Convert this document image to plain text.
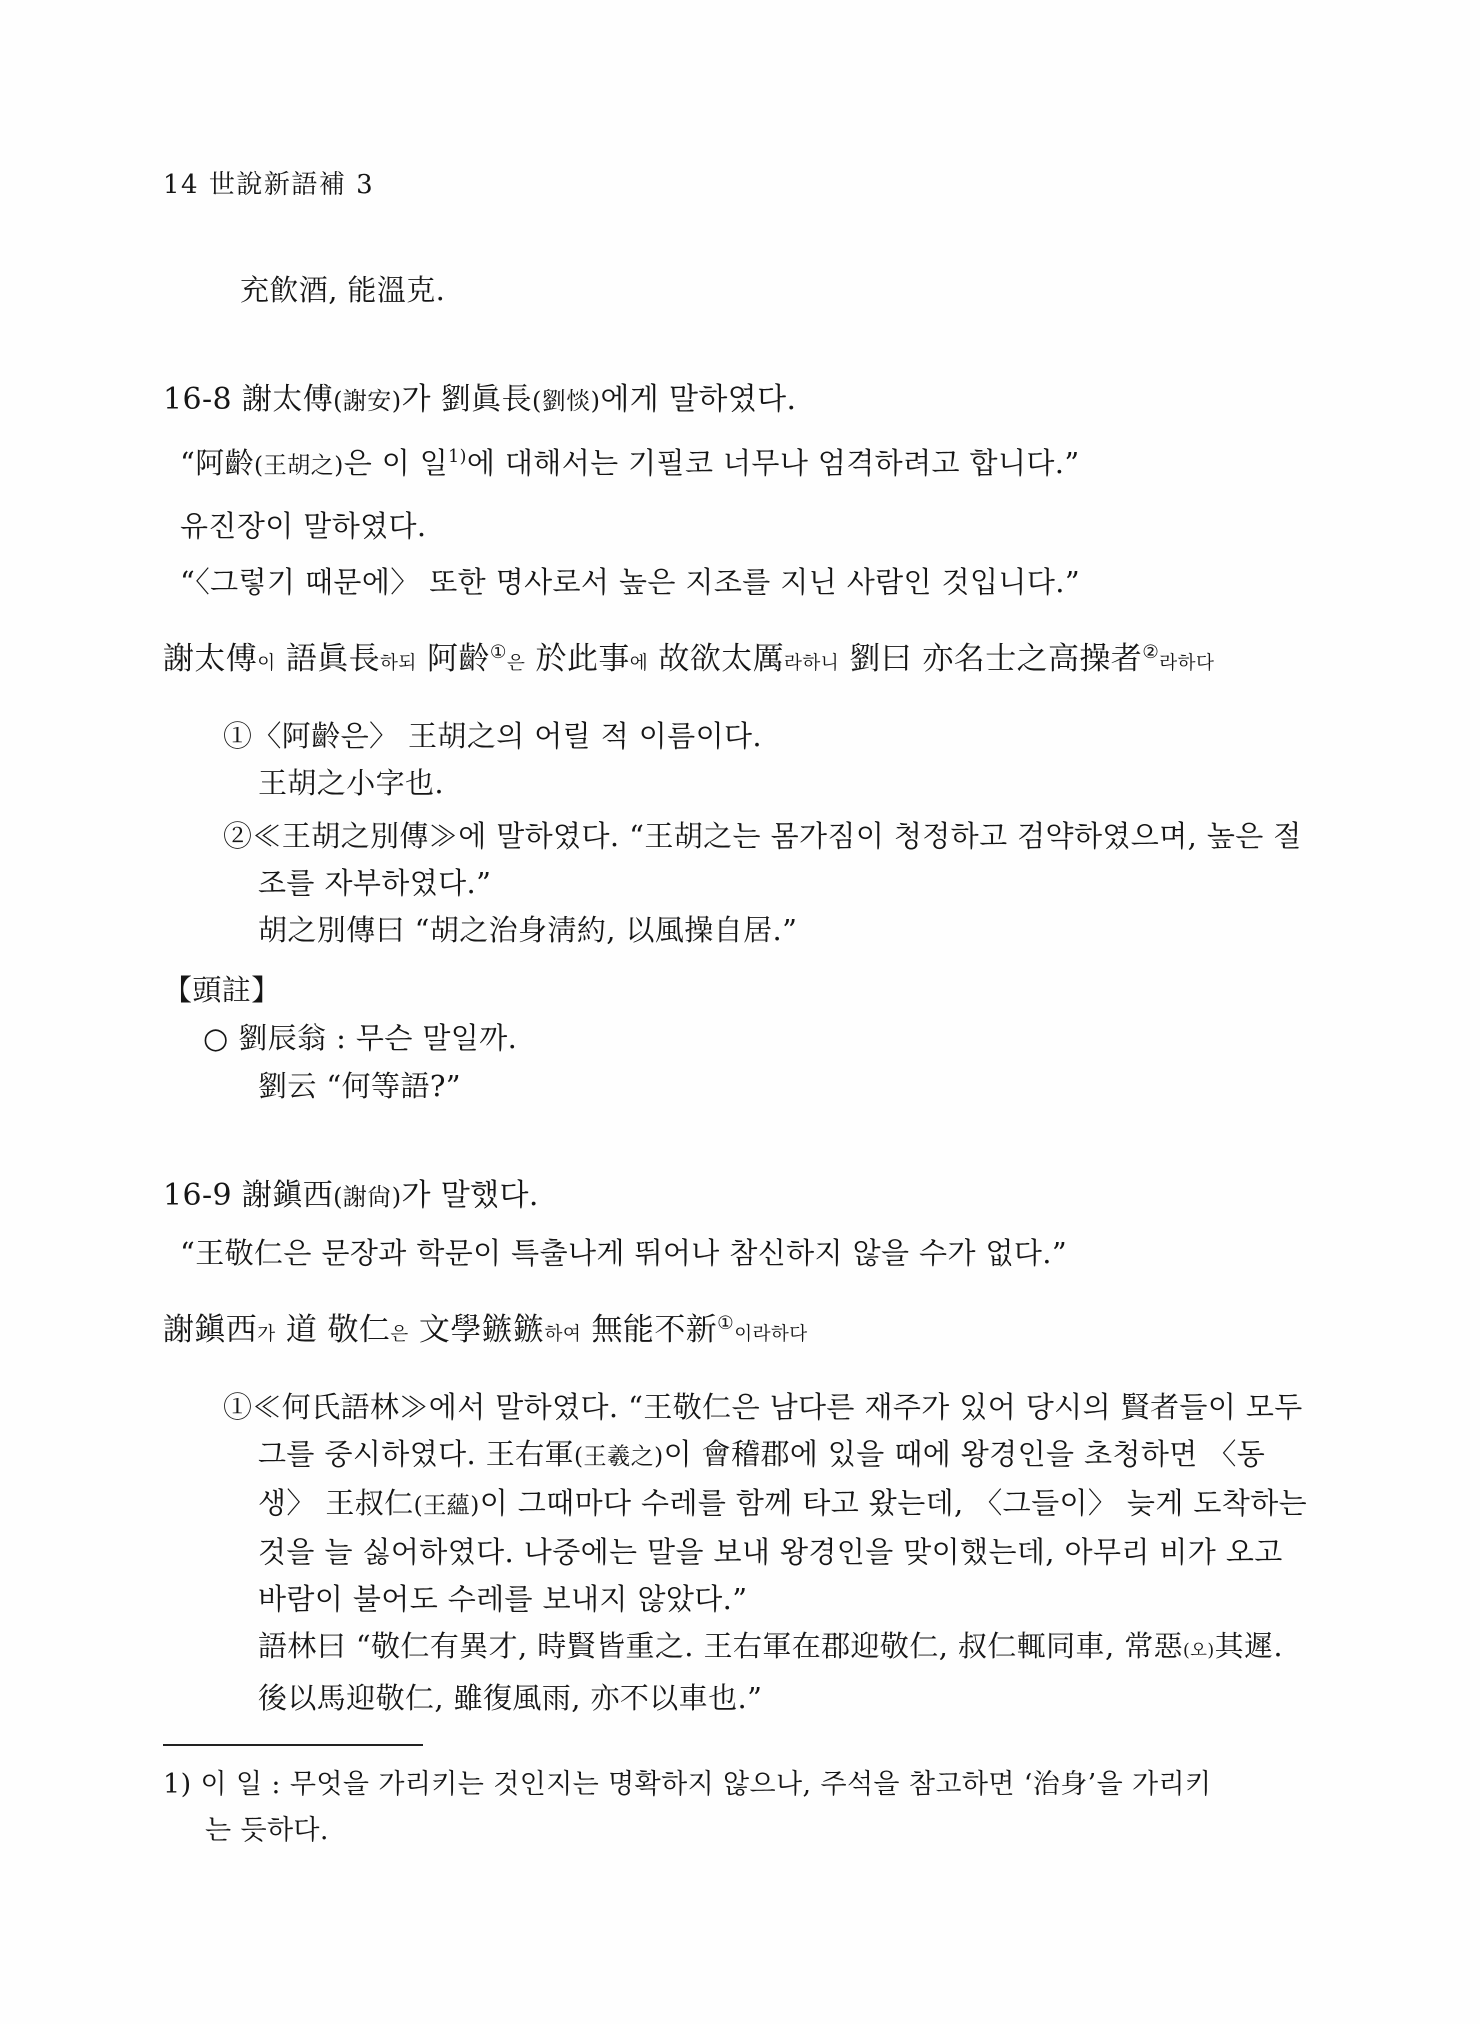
14 世說新語補 3
充飮酒, 能溫克.
16-8 謝太傅(謝安)가 劉眞長(劉惔)에게 말하였다.
“阿齡(王胡之)은 이 일$^{1)}$에 대해서는 기필코 너무나 엄격하려고 합니다.”
유진장이 말하였다.
“〈그렇기 때문에〉 또한 명사로서 높은 지조를 지닌 사람인 것입니다.”
謝太傅이 語眞長하되 阿齡①은 於此事에 故欲太厲라하니 劉曰 亦名士之高操者②라하다
①〈阿齡은〉 王胡之의 어릴 적 이름이다.
王胡之小字也.
②≪王胡之別傳≫에 말하였다. “王胡之는 몸가짐이 청정하고 검약하였으며, 높은 절
조를 자부하였다.”
胡之別傳曰 “胡之治身淸約, 以風操自居.”
【頭註】
○ 劉辰翁 : 무슨 말일까.
劉云 “何等語?”
16-9 謝鎭西(謝尙)가 말했다.
“王敬仁은 문장과 학문이 특출나게 뛰어나 참신하지 않을 수가 없다.”
謝鎭西가 道 敬仁은 文學鏃鏃하여 無能不新①이라하다
①≪何氏語林≫에서 말하였다. “王敬仁은 남다른 재주가 있어 당시의 賢者들이 모두
그를 중시하였다. 王右軍(王羲之)이 會稽郡에 있을 때에 왕경인을 초청하면 〈동
생〉 王叔仁(王蘊)이 그때마다 수레를 함께 타고 왔는데, 〈그들이〉 늦게 도착하는
것을 늘 싫어하였다. 나중에는 말을 보내 왕경인을 맞이했는데, 아무리 비가 오고
바람이 불어도 수레를 보내지 않았다.”
語林曰 “敬仁有異才, 時賢皆重之. 王右軍在郡迎敬仁, 叔仁輒同車, 常惡(오)其遲.
後以馬迎敬仁, 雖復風雨, 亦不以車也.”
1) 이 일 : 무엇을 가리키는 것인지는 명확하지 않으나, 주석을 참고하면 ‘治身’을 가리키
는 듯하다.
